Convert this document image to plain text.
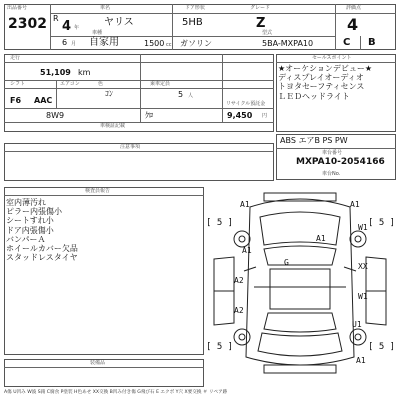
出品番号
2302
車名	ドア形状	グレード	評価点
R
4 年 ヤリス	5HB	Z	4
車種	型式
6 月 自家用	1500 cc ガソリン	5BA-MXPA10	C B
走行
51,109 km
シフト	エアコン	色
F6 AAC
ｺﾝ
乗車定員
5 人
8W9	ｸﾛ
リサイクル預託金
9,450 円
車検証記載
セールスポイント

★オーケションデビュー★

ディスプレイオーディオ

トヨタセーフティセンス

ＬＥＤヘッドライト

ABS エアB PS PW
車台番号
MXPA10-2054166
車台No.
注意事項
検査員報告

室内薄汚れ

ピラー内張傷小

シートすれ小

ドア内張傷小

バンパーＡ

ホイールカバー欠品

スタッドレスタイヤ

装備品
A1	A1
A1
A1
G
W1
XX
A2
W1
A2
U1
A1
[ 5 ]	[ 5 ]
[ 5 ]	[ 5 ]
A傷 U凹み W波 S錆 C腐食 P塗装 H色あせ XX交換 B凹み付き傷 G飛び石 E エクボ Y穴 X要交換 ＃ リペア跡
